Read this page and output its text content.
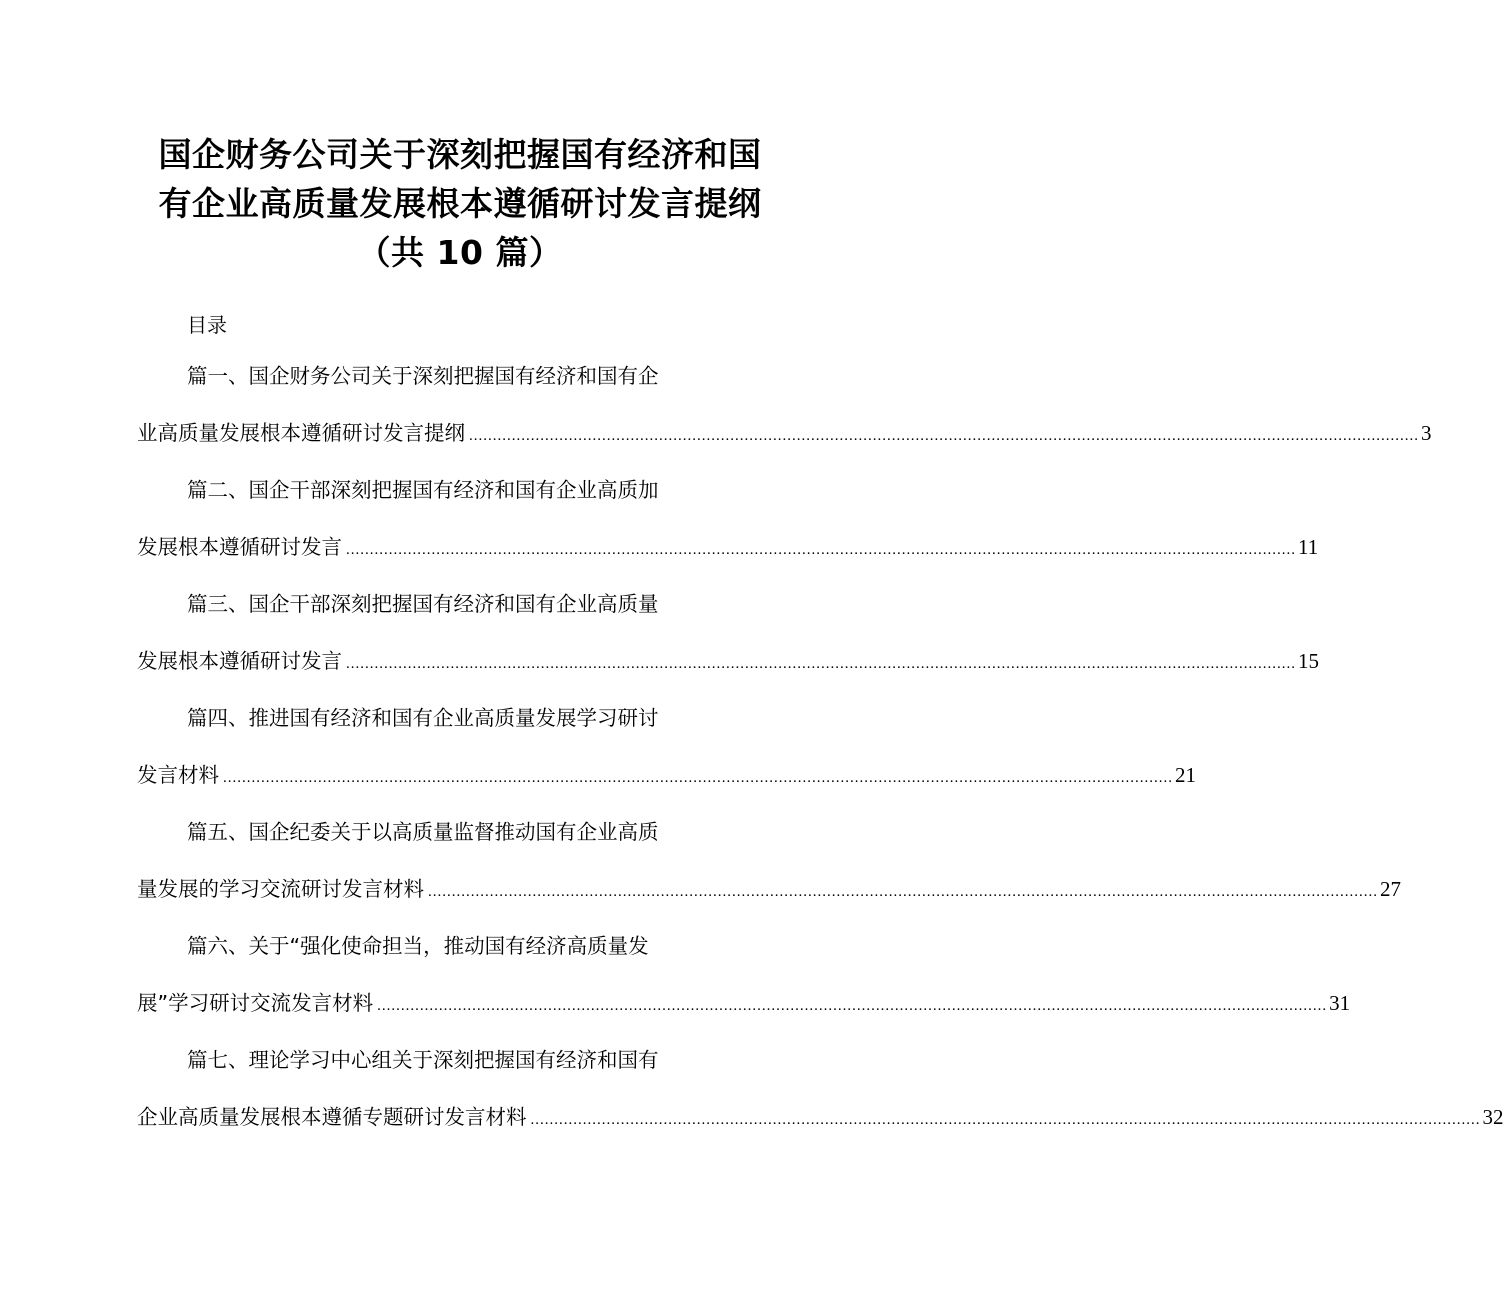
国企财务公司关于深刻把握国有经济和国
有企业高质量发展根本遵循研讨发言提纲
（共 10 篇）
目录
篇一、国企财务公司关于深刻把握国有经济和国有企
业高质量发展根本遵循研讨发言提纲 ........................................................................................................................................................................................................ 3
篇二、国企干部深刻把握国有经济和国有企业高质加
发展根本遵循研讨发言 ........................................................................................................................................................................................................ 11
篇三、国企干部深刻把握国有经济和国有企业高质量
发展根本遵循研讨发言 ........................................................................................................................................................................................................ 15
篇四、推进国有经济和国有企业高质量发展学习研讨
发言材料 ........................................................................................................................................................................................................ 21
篇五、国企纪委关于以高质量监督推动国有企业高质
量发展的学习交流研讨发言材料 ........................................................................................................................................................................................................ 27
篇六、关于“强化使命担当，推动国有经济高质量发
展”学习研讨交流发言材料 ........................................................................................................................................................................................................ 31
篇七、理论学习中心组关于深刻把握国有经济和国有
企业高质量发展根本遵循专题研讨发言材料 ........................................................................................................................................................................................................ 32
